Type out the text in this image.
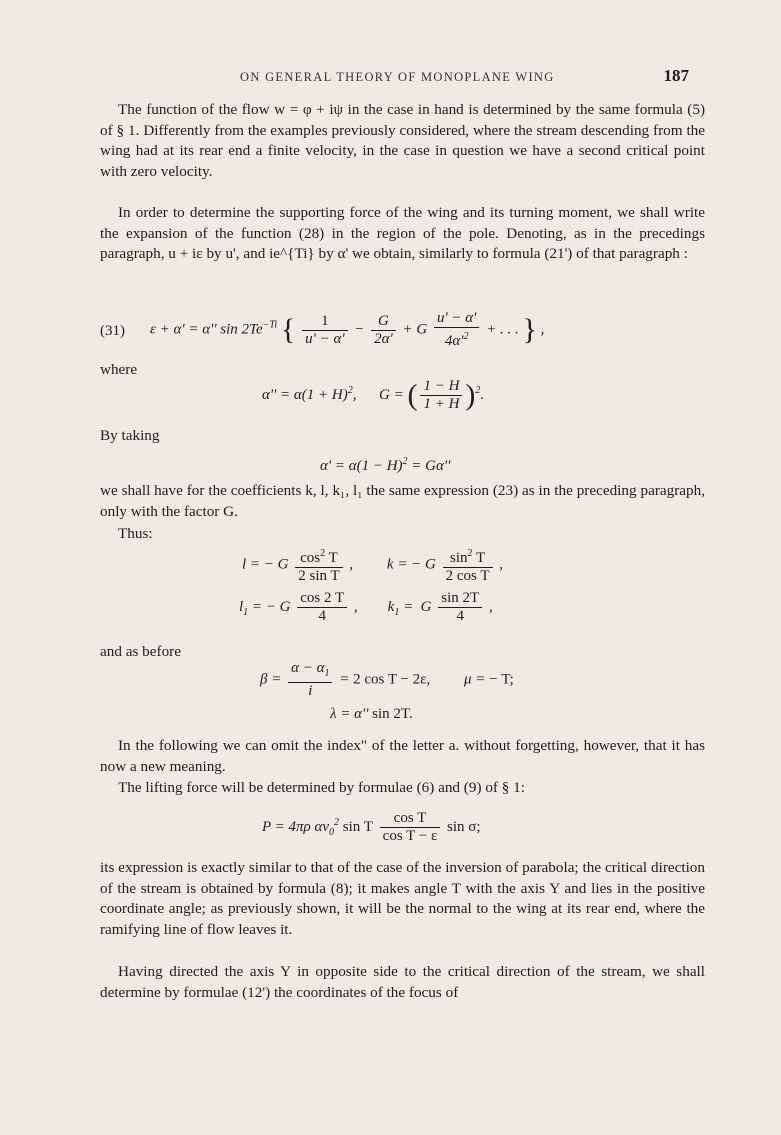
ON GENERAL THEORY OF MONOPLANE WING	187
The function of the flow w = φ + iψ in the case in hand is determined by the same formula (5) of § 1. Differently from the examples previously considered, where the stream descending from the wing had at its rear end a finite velocity, in the case in question we have a second critical point with zero velocity.
In order to determine the supporting force of the wing and its turning moment, we shall write the expansion of the function (28) in the region of the pole. Denoting, as in the precedings paragraph, u + iε by u', and ie^{Ti} by α' we obtain, similarly to formula (21') of that paragraph :
(31) ε + α' = α'' $\sin 2Te^{-Ti}$ { $\frac{1}{u' - \alpha'} - \frac{G}{2\alpha'} + G \frac{u' - \alpha'}{4\alpha'^2}$ + . . . } ,
where
$\alpha'' = \alpha(1 + H)^2$,      G = ( $\frac{1 - H}{1 + H} )^2$.
By taking
$\alpha' = \alpha(1 - H)^2 = G\alpha''$
we shall have for the coefficients k, l, k₁, l₁ the same expression (23) as in the preceding paragraph, only with the factor G.
Thus:
l = − G $\frac{\cos^2 T}{\text{2 sin T}}$ ,         k = − G $\frac{\sin^2 T}{\text{2 cos T}}$ ,
$l_1$ = − G $\frac{\cos 2 T}{4}$ ,        $k_1 = G \frac{\sin 2T}{4}$ ,
and as before
$\beta = \frac{\alpha - \alpha_1}{i} = 2$ cos T − 2ε,         μ = − T;
λ = α'' sin 2T.
In the following we can omit the index" of the letter a. without forgetting, however, that it has now a new meaning.
The lifting force will be determined by formulae (6) and (9) of § 1:
P = 4πρ $\alpha v_0^2$ sin T $\frac{\text{cos T}}{\text{cos T − ε}}$ sin σ;
its expression is exactly similar to that of the case of the inversion of parabola; the critical direction of the stream is obtained by formula (8); it makes angle T with the axis Y and lies in the positive coordinate angle; as previously shown, it will be the normal to the wing at its rear end, where the ramifying line of flow leaves it.
Having directed the axis Y in opposite side to the critical direction of the stream, we shall determine by formulae (12') the coordinates of the focus of
